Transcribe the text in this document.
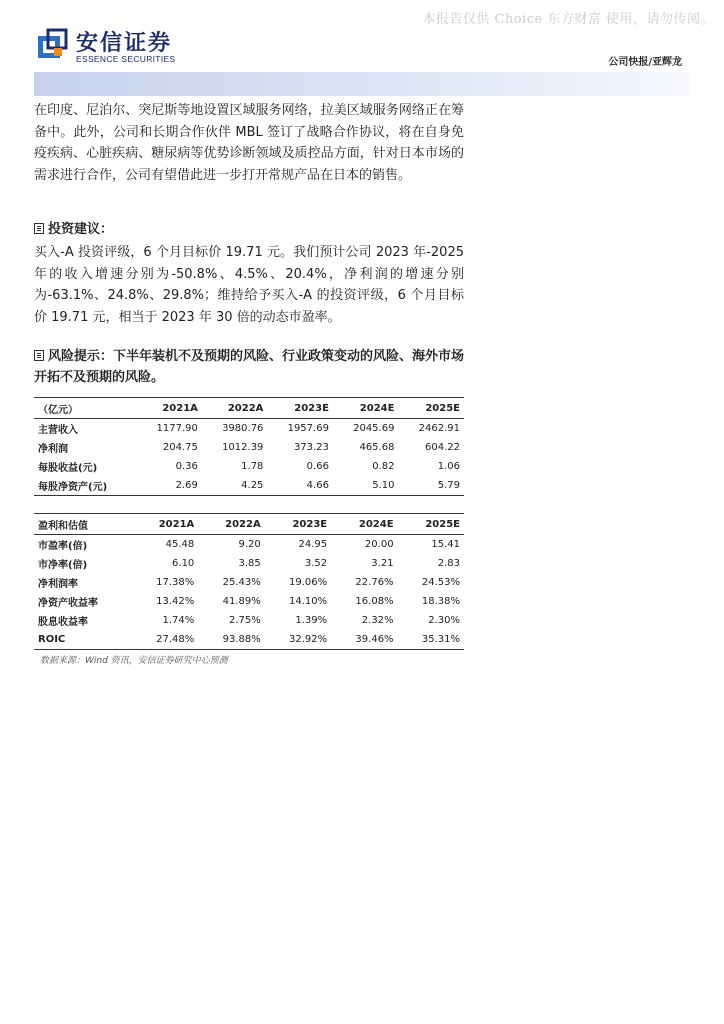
本报告仅供 Choice 东方财富 使用，请勿传阅。
安信证券
ESSENCE SECURITIES	公司快报/亚辉龙

在印度、尼泊尔、突尼斯等地设置区域服务网络，拉美区域服务网络正在筹备中。此外，公司和长期合作伙伴 MBL 签订了战略合作协议，将在自身免疫疾病、心脏疾病、糖尿病等优势诊断领域及质控品方面，针对日本市场的需求进行合作，公司有望借此进一步打开常规产品在日本的销售。

投资建议：

买入-A 投资评级，6 个月目标价 19.71 元。我们预计公司 2023 年-2025 年的收入增速分别为-50.8%、4.5%、20.4%，净利润的增速分别为-63.1%、24.8%、29.8%；维持给予买入-A 的投资评级，6 个月目标价 19.71 元，相当于 2023 年 30 倍的动态市盈率。

风险提示：下半年装机不及预期的风险、行业政策变动的风险、海外市场开拓不及预期的风险。
（亿元）	2021A	2022A	2023E	2024E	2025E
主营收入	1177.90	3980.76	1957.69	2045.69	2462.91
净利润	204.75	1012.39	373.23	465.68	604.22
每股收益(元)	0.36	1.78	0.66	0.82	1.06
每股净资产(元)	2.69	4.25	4.66	5.10	5.79
盈利和估值	2021A	2022A	2023E	2024E	2025E
市盈率(倍)	45.48	9.20	24.95	20.00	15.41
市净率(倍)	6.10	3.85	3.52	3.21	2.83
净利润率	17.38%	25.43%	19.06%	22.76%	24.53%
净资产收益率	13.42%	41.89%	14.10%	16.08%	18.38%
股息收益率	1.74%	2.75%	1.39%	2.32%	2.30%
ROIC	27.48%	93.88%	32.92%	39.46%	35.31%
数据来源：Wind 资讯，安信证券研究中心预测
